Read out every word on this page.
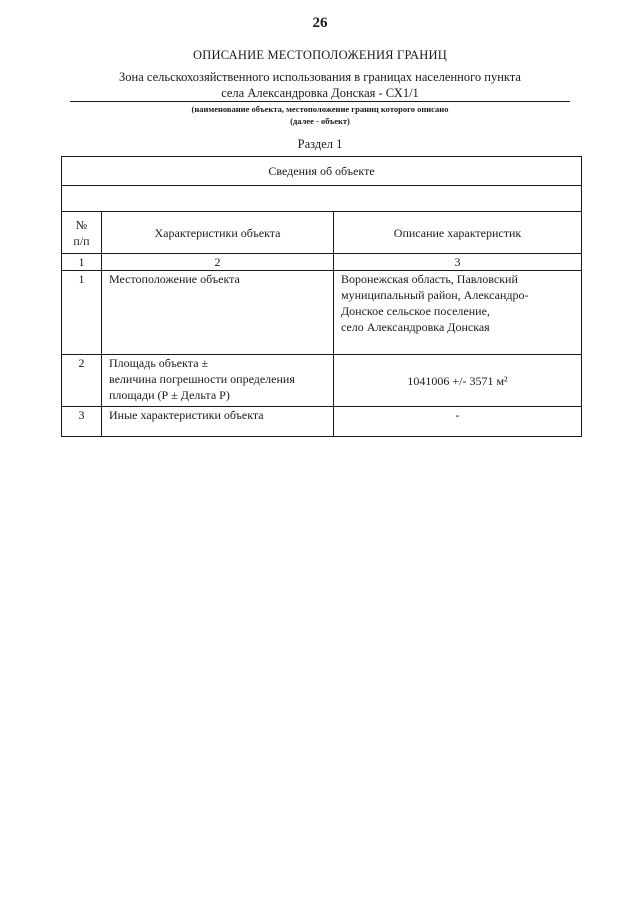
26
ОПИСАНИЕ МЕСТОПОЛОЖЕНИЯ ГРАНИЦ
Зона сельскохозяйственного использования в границах населенного пункта
села Александровка Донская - СХ1/1
(наименование объекта, местоположение границ которого описано
(далее - объект)
Раздел 1
Сведения об объекте		

№
п/п	Характеристики объекта	Описание характеристик
1	2	3
1	Местоположение объекта	Воронежская область, Павловский
муниципальный район, Александро-
Донское сельское поселение,
село Александровка Донская
2	Площадь объекта ±
величина погрешности определения
площади (Р ± Дельта Р)	1041006 +/- 3571 м²
3	Иные характеристики объекта	-
